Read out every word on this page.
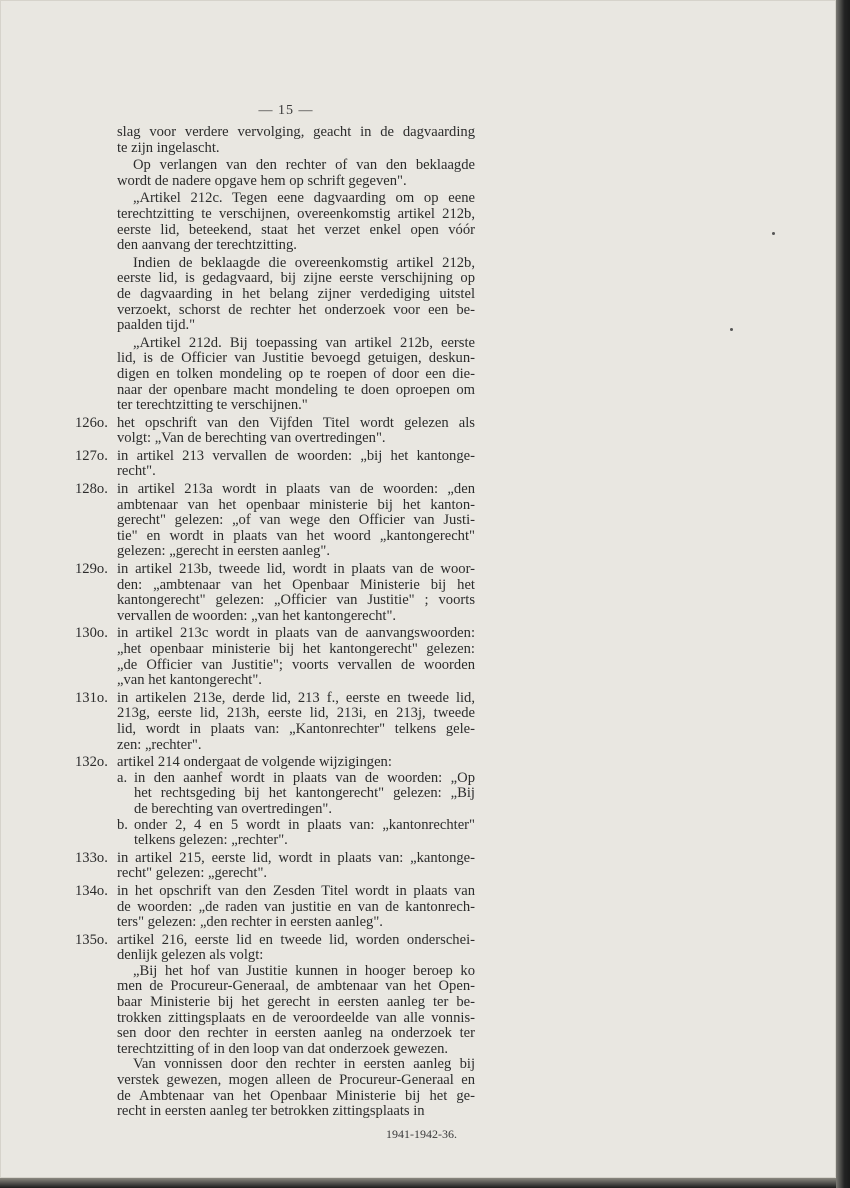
— 15 —
slag voor verdere vervolging, geacht in de dagvaarding
te zijn ingelascht.
Op verlangen van den rechter of van den beklaagde
wordt de nadere opgave hem op schrift gegeven".
„Artikel 212c. Tegen eene dagvaarding om op eene
terechtzitting te verschijnen, overeenkomstig artikel 212b,
eerste lid, beteekend, staat het verzet enkel open vóór
den aanvang der terechtzitting.
Indien de beklaagde die overeenkomstig artikel 212b,
eerste lid, is gedagvaard, bij zijne eerste verschijning op
de dagvaarding in het belang zijner verdediging uitstel
verzoekt, schorst de rechter het onderzoek voor een be-
paalden tijd."
„Artikel 212d. Bij toepassing van artikel 212b, eerste
lid, is de Officier van Justitie bevoegd getuigen, deskun-
digen en tolken mondeling op te roepen of door een die-
naar der openbare macht mondeling te doen oproepen om
ter terechtzitting te verschijnen."
126o. het opschrift van den Vijfden Titel wordt gelezen als
volgt: „Van de berechting van overtredingen".
127o. in artikel 213 vervallen de woorden: „bij het kantonge-
recht".
128o. in artikel 213a wordt in plaats van de woorden: „den
ambtenaar van het openbaar ministerie bij het kanton-
gerecht" gelezen: „of van wege den Officier van Justi-
tie" en wordt in plaats van het woord „kantongerecht"
gelezen: „gerecht in eersten aanleg".
129o. in artikel 213b, tweede lid, wordt in plaats van de woor-
den: „ambtenaar van het Openbaar Ministerie bij het
kantongerecht" gelezen: „Officier van Justitie" ; voorts
vervallen de woorden: „van het kantongerecht".
130o. in artikel 213c wordt in plaats van de aanvangswoorden:
„het openbaar ministerie bij het kantongerecht" gelezen:
„de Officier van Justitie"; voorts vervallen de woorden
„van het kantongerecht".
131o. in artikelen 213e, derde lid, 213 f., eerste en tweede lid,
213g, eerste lid, 213h, eerste lid, 213i, en 213j, tweede
lid, wordt in plaats van: „Kantonrechter" telkens gele-
zen: „rechter".
132o. artikel 214 ondergaat de volgende wijzigingen:
a. in den aanhef wordt in plaats van de woorden: „Op
het rechtsgeding bij het kantongerecht" gelezen: „Bij
de berechting van overtredingen".
b. onder 2, 4 en 5 wordt in plaats van: „kantonrechter"
telkens gelezen: „rechter".
133o. in artikel 215, eerste lid, wordt in plaats van: „kantonge-
recht" gelezen: „gerecht".
134o. in het opschrift van den Zesden Titel wordt in plaats van
de woorden: „de raden van justitie en van de kantonrech-
ters" gelezen: „den rechter in eersten aanleg".
135o. artikel 216, eerste lid en tweede lid, worden onderschei-
denlijk gelezen als volgt:
„Bij het hof van Justitie kunnen in hooger beroep ko
men de Procureur-Generaal, de ambtenaar van het Open-
baar Ministerie bij het gerecht in eersten aanleg ter be-
trokken zittingsplaats en de veroordeelde van alle vonnis-
sen door den rechter in eersten aanleg na onderzoek ter
terechtzitting of in den loop van dat onderzoek gewezen.
Van vonnissen door den rechter in eersten aanleg bij
verstek gewezen, mogen alleen de Procureur-Generaal en
de Ambtenaar van het Openbaar Ministerie bij het ge-
recht in eersten aanleg ter betrokken zittingsplaats in
1941-1942-36.
